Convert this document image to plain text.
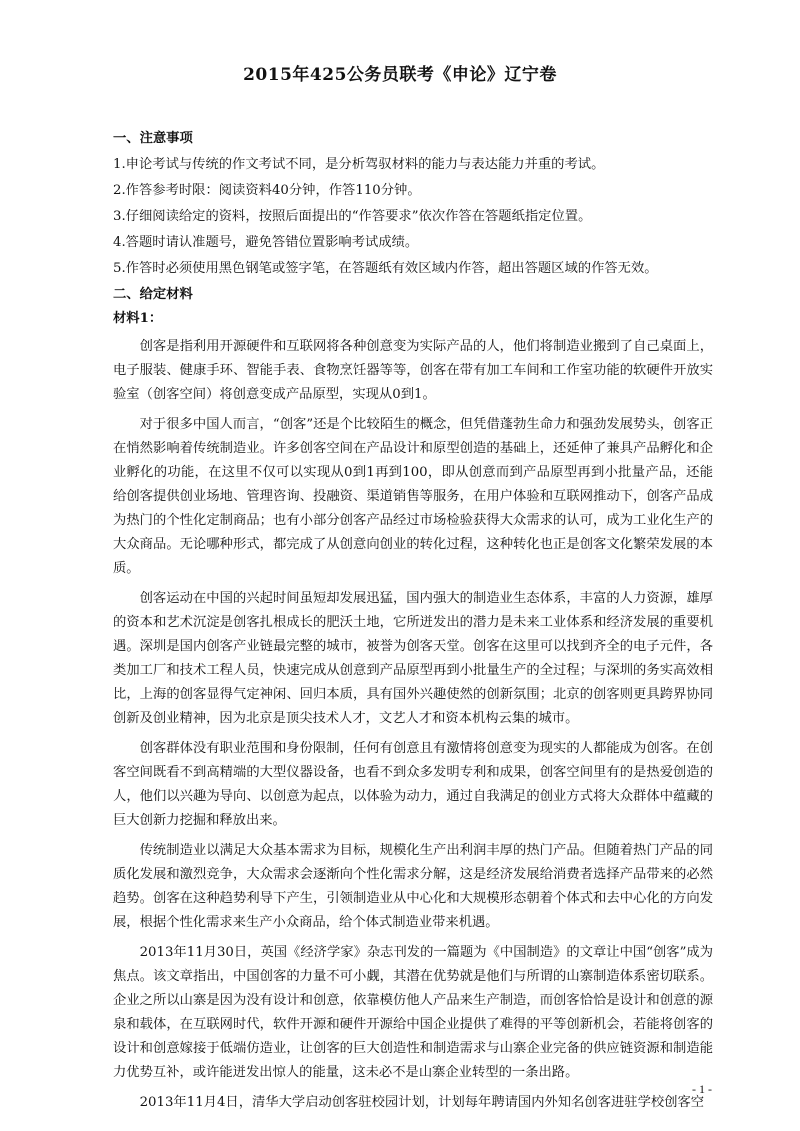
2015年425公务员联考《申论》辽宁卷

一、注意事项

1.申论考试与传统的作文考试不同，是分析驾驭材料的能力与表达能力并重的考试。

2.作答参考时限：阅读资料40分钟，作答110分钟。

3.仔细阅读给定的资料，按照后面提出的“作答要求”依次作答在答题纸指定位置。

4.答题时请认准题号，避免答错位置影响考试成绩。

5.作答时必须使用黑色钢笔或签字笔，在答题纸有效区域内作答，超出答题区域的作答无效。

二、给定材料

材料1：

创客是指利用开源硬件和互联网将各种创意变为实际产品的人，他们将制造业搬到了自己桌面上，电子服装、健康手环、智能手表、食物烹饪器等等，创客在带有加工车间和工作室功能的软硬件开放实验室（创客空间）将创意变成产品原型，实现从0到1。

对于很多中国人而言，“创客”还是个比较陌生的概念，但凭借蓬勃生命力和强劲发展势头，创客正在悄然影响着传统制造业。许多创客空间在产品设计和原型创造的基础上，还延伸了兼具产品孵化和企业孵化的功能，在这里不仅可以实现从0到1再到100，即从创意而到产品原型再到小批量产品，还能给创客提供创业场地、管理咨询、投融资、渠道销售等服务，在用户体验和互联网推动下，创客产品成为热门的个性化定制商品；也有小部分创客产品经过市场检验获得大众需求的认可，成为工业化生产的大众商品。无论哪种形式，都完成了从创意向创业的转化过程，这种转化也正是创客文化繁荣发展的本质。

创客运动在中国的兴起时间虽短却发展迅猛，国内强大的制造业生态体系，丰富的人力资源，雄厚的资本和艺术沉淀是创客扎根成长的肥沃土地，它所迸发出的潜力是未来工业体系和经济发展的重要机遇。深圳是国内创客产业链最完整的城市，被誉为创客天堂。创客在这里可以找到齐全的电子元件，各类加工厂和技术工程人员，快速完成从创意到产品原型再到小批量生产的全过程；与深圳的务实高效相比，上海的创客显得气定神闲、回归本质，具有国外兴趣使然的创新氛围；北京的创客则更具跨界协同创新及创业精神，因为北京是顶尖技术人才，文艺人才和资本机构云集的城市。

创客群体没有职业范围和身份限制，任何有创意且有激情将创意变为现实的人都能成为创客。在创客空间既看不到高精端的大型仪器设备，也看不到众多发明专利和成果，创客空间里有的是热爱创造的人，他们以兴趣为导向、以创意为起点，以体验为动力，通过自我满足的创业方式将大众群体中蕴藏的巨大创新力挖掘和释放出来。

传统制造业以满足大众基本需求为目标，规模化生产出利润丰厚的热门产品。但随着热门产品的同质化发展和激烈竞争，大众需求会逐渐向个性化需求分解，这是经济发展给消费者选择产品带来的必然趋势。创客在这种趋势利导下产生，引领制造业从中心化和大规模形态朝着个体式和去中心化的方向发展，根据个性化需求来生产小众商品，给个体式制造业带来机遇。

2013年11月30日，英国《经济学家》杂志刊发的一篇题为《中国制造》的文章让中国“创客”成为焦点。该文章指出，中国创客的力量不可小觑，其潜在优势就是他们与所谓的山寨制造体系密切联系。企业之所以山寨是因为没有设计和创意，依靠模仿他人产品来生产制造，而创客恰恰是设计和创意的源泉和载体，在互联网时代，软件开源和硬件开源给中国企业提供了难得的平等创新机会，若能将创客的设计和创意嫁接于低端仿造业，让创客的巨大创造性和制造需求与山寨企业完备的供应链资源和制造能力优势互补，或许能迸发出惊人的能量，这未必不是山寨企业转型的一条出路。

2013年11月4日，清华大学启动创客驻校园计划，计划每年聘请国内外知名创客进驻学校创客空

- 1 -
